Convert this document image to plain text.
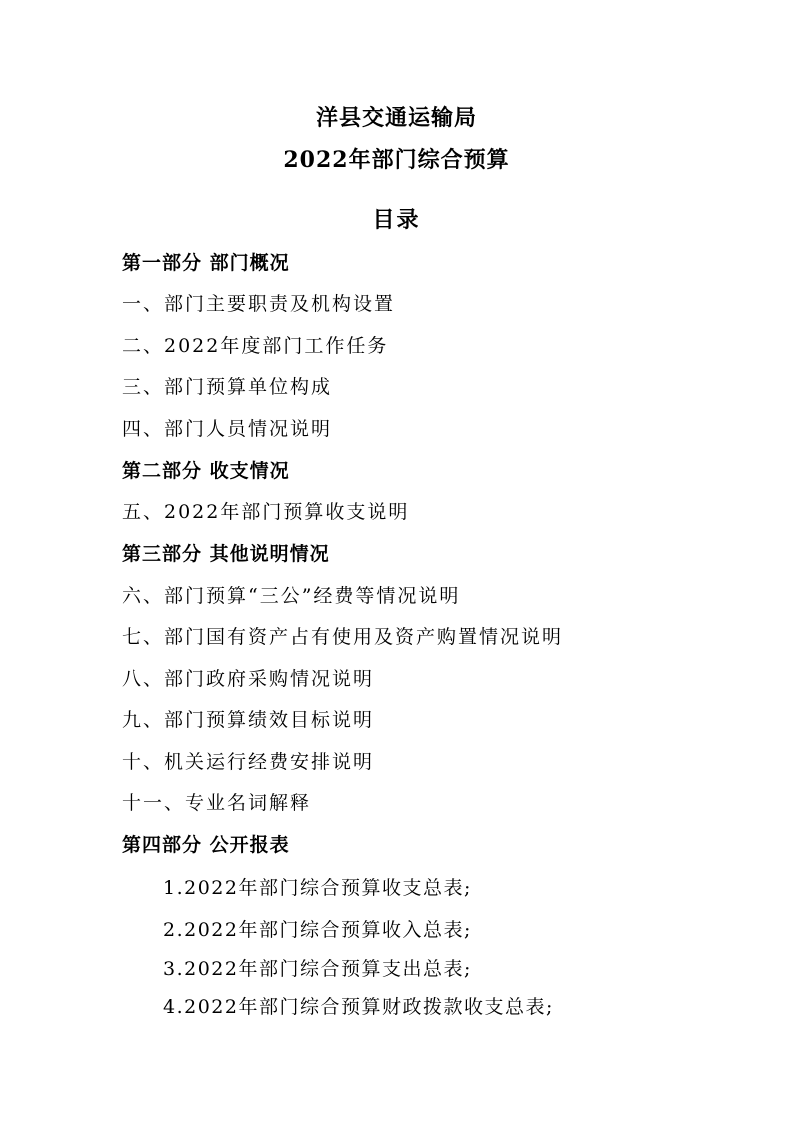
洋县交通运输局
2022年部门综合预算
目录
第一部分 部门概况
一、部门主要职责及机构设置
二、2022年度部门工作任务
三、部门预算单位构成
四、部门人员情况说明
第二部分 收支情况
五、2022年部门预算收支说明
第三部分 其他说明情况
六、部门预算“三公”经费等情况说明
七、部门国有资产占有使用及资产购置情况说明
八、部门政府采购情况说明
九、部门预算绩效目标说明
十、机关运行经费安排说明
十一、专业名词解释
第四部分 公开报表
1.2022年部门综合预算收支总表;
2.2022年部门综合预算收入总表;
3.2022年部门综合预算支出总表;
4.2022年部门综合预算财政拨款收支总表;
